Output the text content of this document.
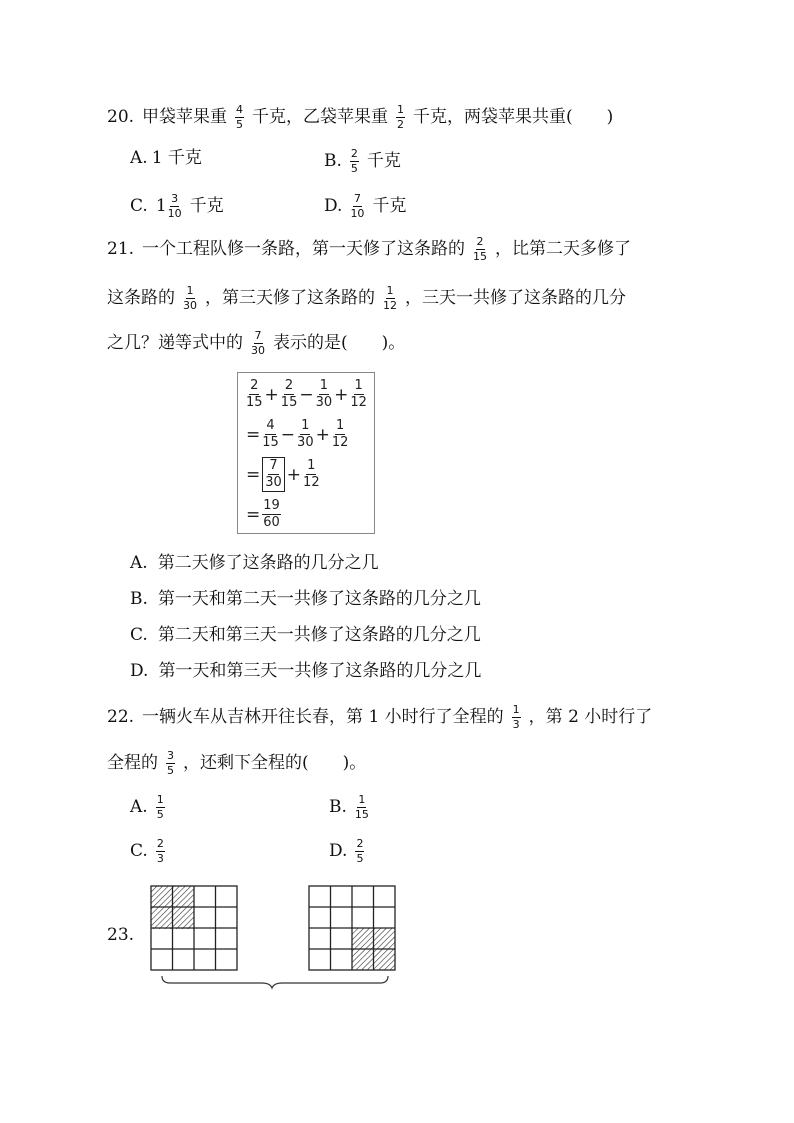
20. 甲袋苹果重 $\frac{4}{5}$ 千克，乙袋苹果重 $\frac{1}{2}$ 千克，两袋苹果共重(　　)
A. 1 千克	B. $\frac{2}{5}$ 千克
C. $1 \frac{3}{10}$ 千克	D. $\frac{7}{10}$ 千克
21. 一个工程队修一条路，第一天修了这条路的 $\frac{2}{15}$ ，比第二天多修了
这条路的 $\frac{1}{30}$ ，第三天修了这条路的 $\frac{1}{12}$ ，三天一共修了这条路的几分
之几？递等式中的 $\frac{7}{30}$ 表示的是(　　)。
$\frac{2}{15} + \frac{2}{15} - \frac{1}{30} + \frac{1}{12}$
= $\frac{4}{15} - \frac{1}{30} + \frac{1}{12}$
= $\frac{7}{30} + \frac{1}{12}$
= $\frac{19}{60}$
A. 第二天修了这条路的几分之几
B. 第一天和第二天一共修了这条路的几分之几
C. 第二天和第三天一共修了这条路的几分之几
D. 第一天和第三天一共修了这条路的几分之几
22. 一辆火车从吉林开往长春，第 1 小时行了全程的 $\frac{1}{3}$ ，第 2 小时行了
全程的 $\frac{3}{5}$ ，还剩下全程的(　　)。
A. $\frac{1}{5}$	B. $\frac{1}{15}$
C. $\frac{2}{3}$	D. $\frac{2}{5}$
23.
